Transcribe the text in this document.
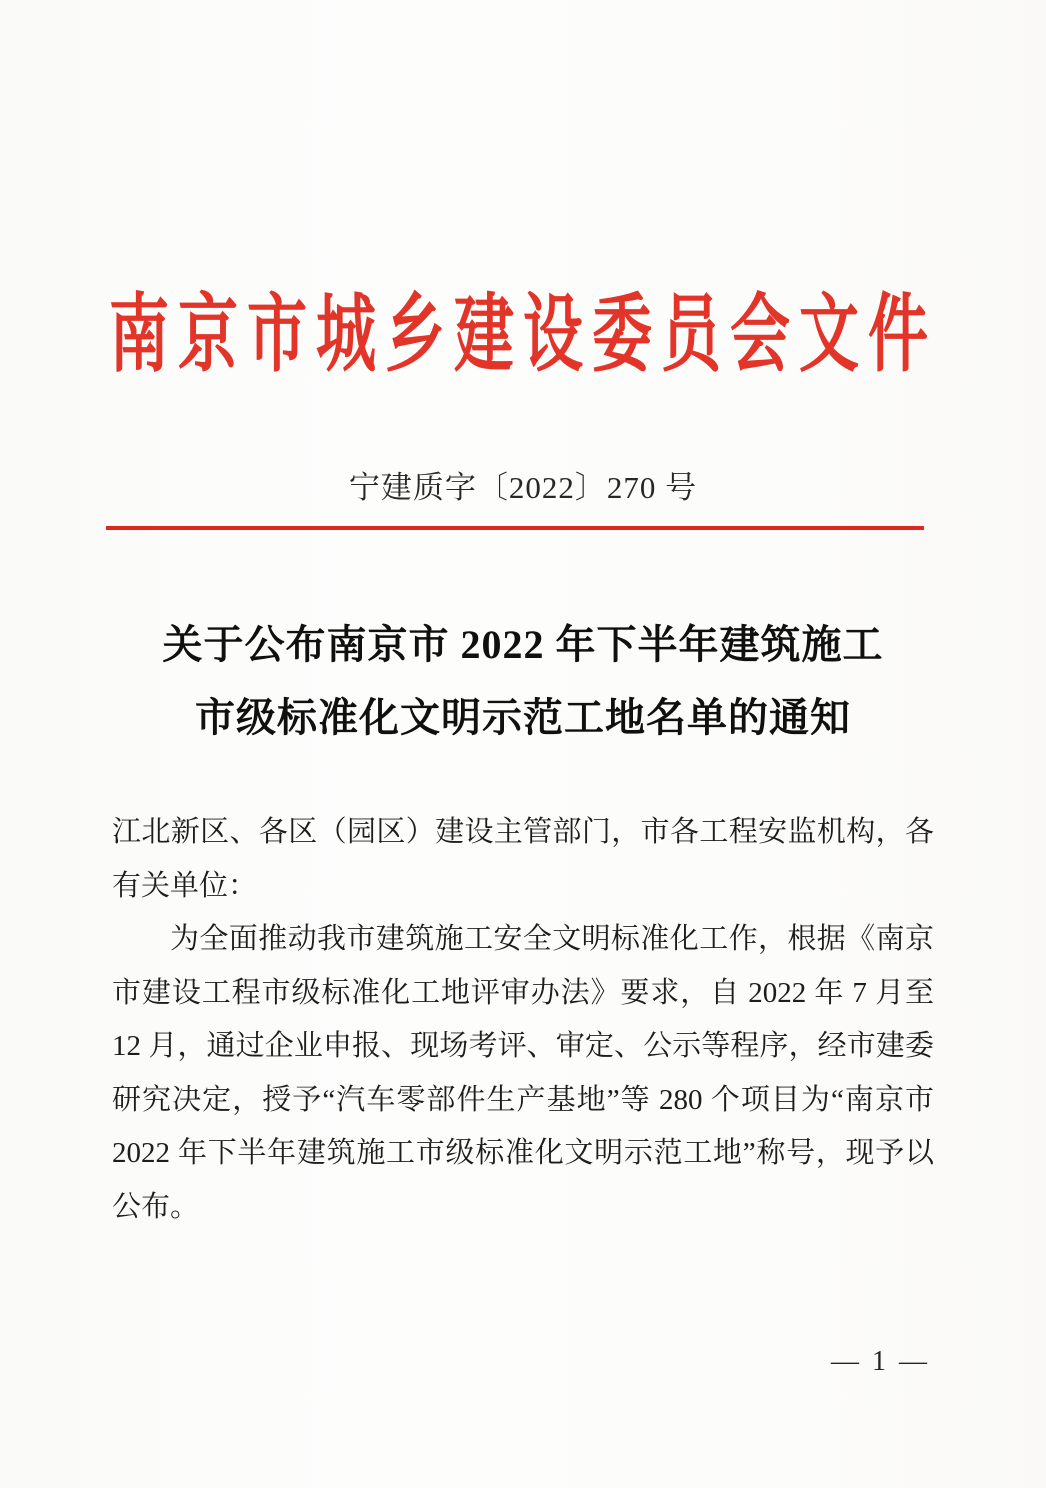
南京市城乡建设委员会文件
宁建质字〔2022〕270 号
关于公布南京市 2022 年下半年建筑施工
市级标准化文明示范工地名单的通知

江北新区、各区（园区）建设主管部门，市各工程安监机构，各
有关单位：

为全面推动我市建筑施工安全文明标准化工作，根据《南京
市建设工程市级标准化工地评审办法》要求，自 2022 年 7 月至
12 月，通过企业申报、现场考评、审定、公示等程序，经市建委
研究决定，授予“汽车零部件生产基地”等 280 个项目为“南京市
2022 年下半年建筑施工市级标准化文明示范工地”称号，现予以
公布。

— 1 —
